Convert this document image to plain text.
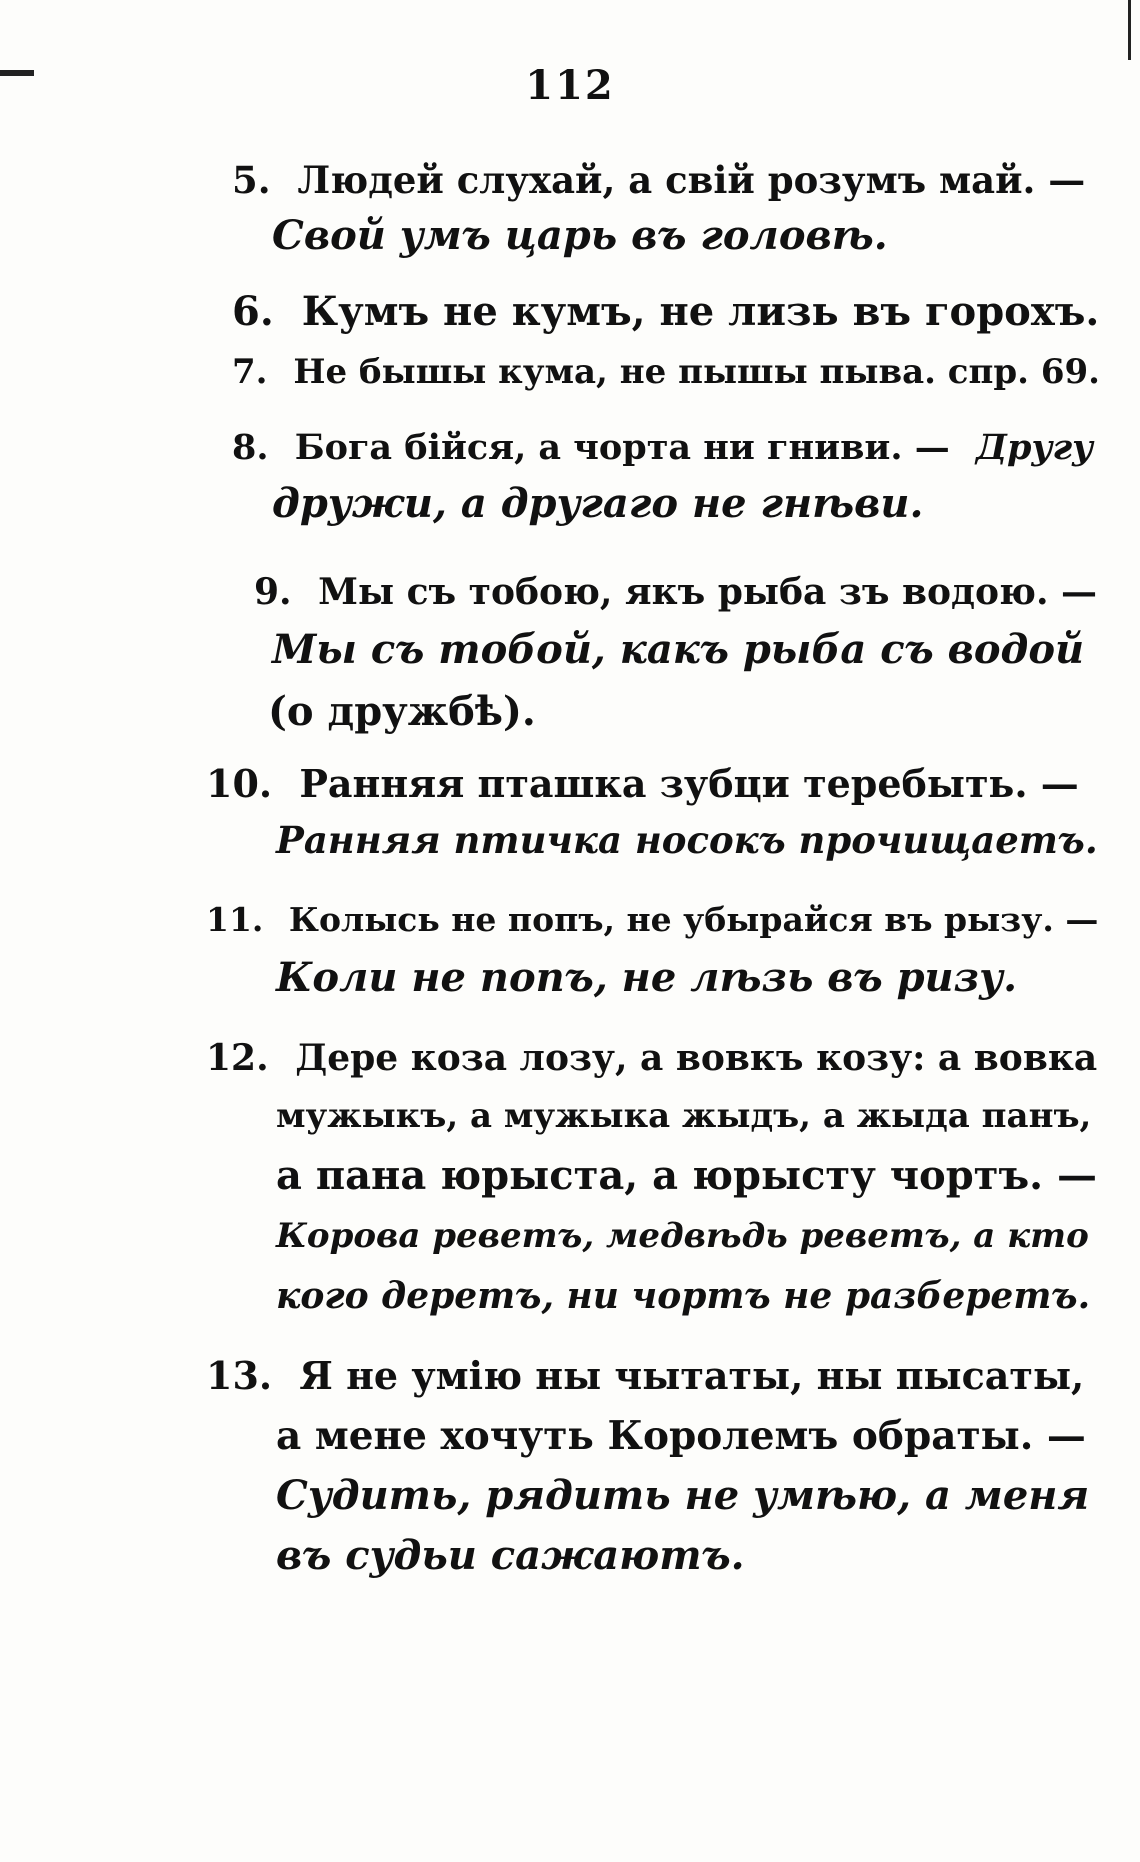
112
5. Людей слухай, а свій розумъ май. —
Свой умъ царь въ головѣ.
6. Кумъ не кумъ, не лизь въ горохъ.
7. Не бышы кума, не пышы пыва. спр. 69.
8. Бога бійся, а чорта ни гниви. — Другу
дружи, а другаго не гнѣви.
9. Мы съ тобою, якъ рыба зъ водою. —
Мы съ тобой, какъ рыба съ водой
(о дружбѣ).
10. Ранняя пташка зубци теребыть. —
Ранняя птичка носокъ прочищаетъ.
11. Колысь не попъ, не убырайся въ рызу. —
Коли не попъ, не лѣзь въ ризу.
12. Дере коза лозу, а вовкъ козу: а вовка
мужыкъ, а мужыка жыдъ, а жыда панъ,
а пана юрыста, а юрысту чортъ. —
Корова реветъ, медвѣдь реветъ, а кто
кого деретъ, ни чортъ не разберетъ.
13. Я не умію ны чытаты, ны пысаты,
а мене хочуть Королемъ обраты. —
Судить, рядить не умѣю, а меня
въ судьи сажаютъ.
